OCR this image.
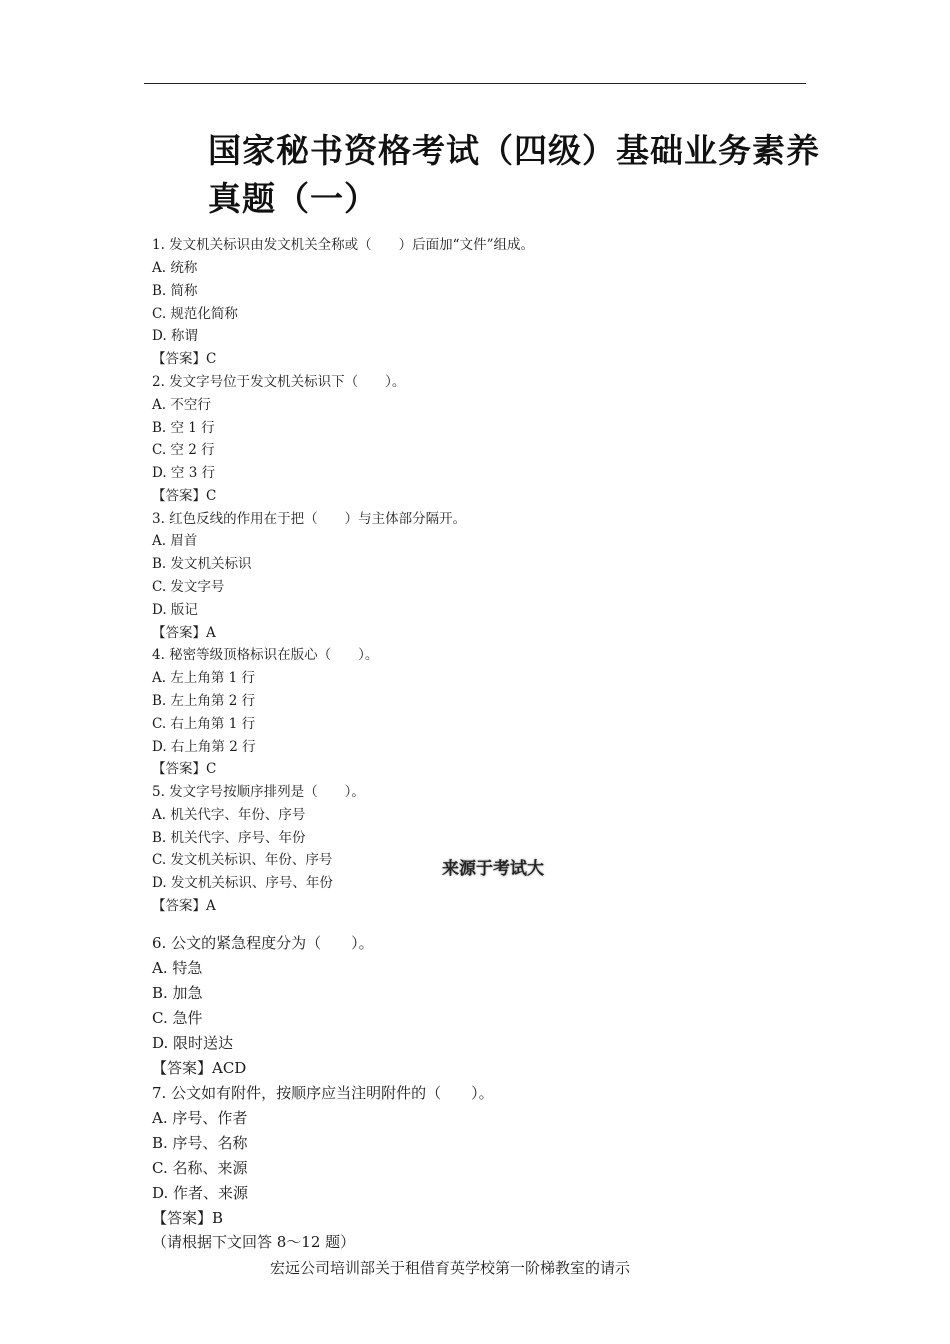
国家秘书资格考试（四级）基础业务素养
真题（一）
1. 发文机关标识由发文机关全称或（　　）后面加“文件”组成。
A. 统称
B. 简称
C. 规范化简称
D. 称谓
【答案】C
2. 发文字号位于发文机关标识下（　　）。
A. 不空行
B. 空 1 行
C. 空 2 行
D. 空 3 行
【答案】C
3. 红色反线的作用在于把（　　）与主体部分隔开。
A. 眉首
B. 发文机关标识
C. 发文字号
D. 版记
【答案】A
4. 秘密等级顶格标识在版心（　　）。
A. 左上角第 1 行
B. 左上角第 2 行
C. 右上角第 1 行
D. 右上角第 2 行
【答案】C
5. 发文字号按顺序排列是（　　）。
A. 机关代字、年份、序号
B. 机关代字、序号、年份
C. 发文机关标识、年份、序号
D. 发文机关标识、序号、年份
【答案】A
6. 公文的紧急程度分为（　　）。
A. 特急
B. 加急
C. 急件
D. 限时送达
【答案】ACD
7. 公文如有附件，按顺序应当注明附件的（　　）。
A. 序号、作者
B. 序号、名称
C. 名称、来源
D. 作者、来源
【答案】B
（请根据下文回答 8～12 题）
来源于考试大
宏远公司培训部关于租借育英学校第一阶梯教室的请示
